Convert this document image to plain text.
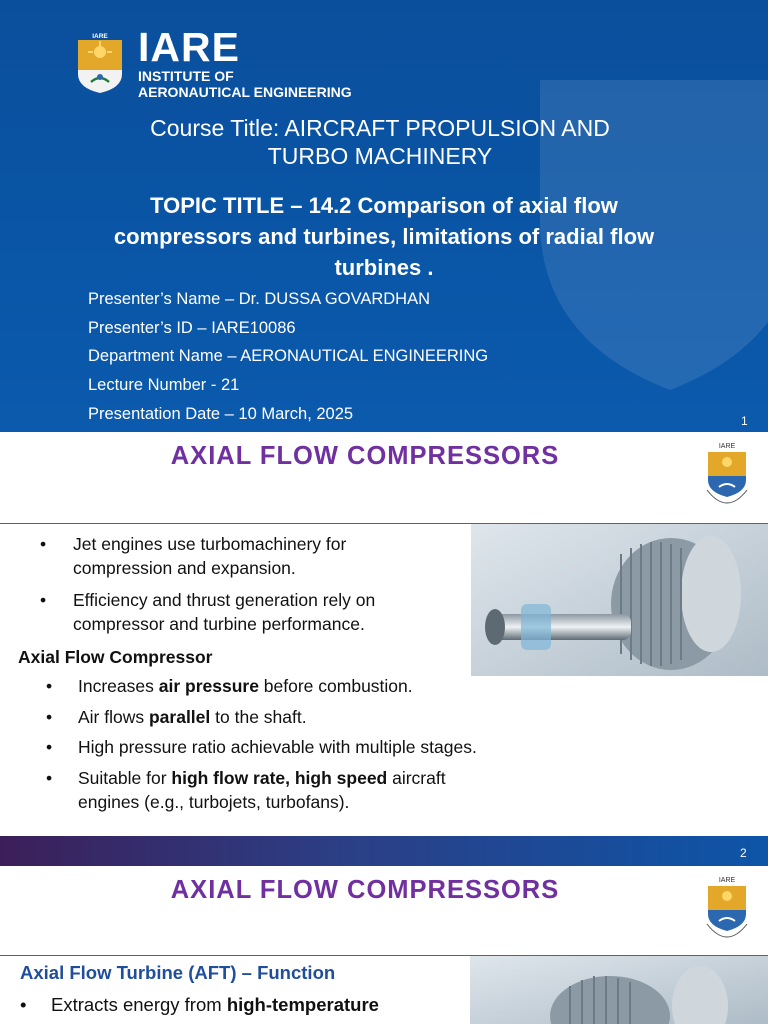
IARE IARE
INSTITUTE OF
AERONAUTICAL ENGINEERING
Course Title: AIRCRAFT PROPULSION AND
TURBO MACHINERY
TOPIC TITLE – 14.2 Comparison of axial flow
compressors and turbines, limitations of radial flow
turbines .
Presenter’s Name – Dr. DUSSA GOVARDHAN
Presenter’s ID – IARE10086
Department Name – AERONAUTICAL ENGINEERING
Lecture Number - 21
Presentation Date – 10 March, 2025	1
AXIAL FLOW COMPRESSORS	IARE
• Jet engines use turbomachinery for
compression and expansion.
• Efficiency and thrust generation rely on
compressor and turbine performance.
Axial Flow Compressor
• Increases air pressure before combustion.
• Air flows parallel to the shaft.
• High pressure ratio achievable with multiple stages.
• Suitable for high flow rate, high speed aircraft
engines (e.g., turbojets, turbofans).
2
AXIAL FLOW COMPRESSORS	IARE
Axial Flow Turbine (AFT) – Function
• Extracts energy from high-temperature
